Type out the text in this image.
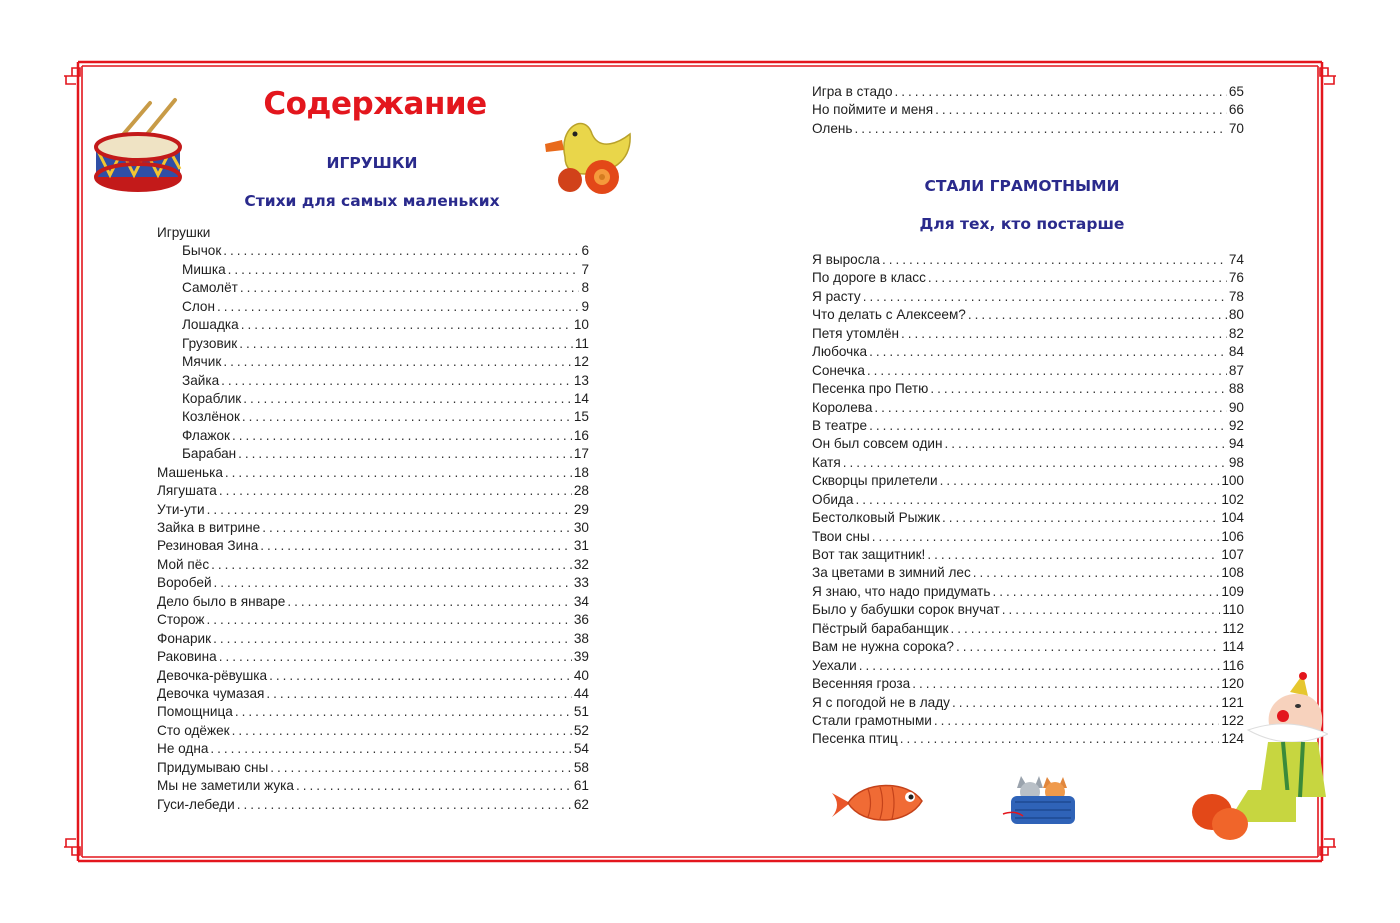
Содержание
ИГРУШКИ
Стихи для самых маленьких
Игрушки
Бычок . . .	6
Мишка . . .	7
Самолёт . . .	8
Слон . . .	9
Лошадка . . .	10
Грузовик . . .	11
Мячик . . .	12
Зайка . . .	13
Кораблик . . .	14
Козлёнок . . .	15
Флажок . . .	16
Барабан . . .	17
Машенька . . .	18
Лягушата . . .	28
Ути-ути . . .	29
Зайка в витрине . . .	30
Резиновая Зина . . .	31
Мой пёс . . .	32
Воробей . . .	33
Дело было в январе . . .	34
Сторож . . .	36
Фонарик . . .	38
Раковина . . .	39
Девочка-рёвушка . . .	40
Девочка чумазая . . .	44
Помощница . . .	51
Сто одёжек . . .	52
Не одна . . .	54
Придумываю сны . . .	58
Мы не заметили жука . . .	61
Гуси-лебеди . . .	62
Игра в стадо . . .	65
Но поймите и меня . . .	66
Олень . . .	70
СТАЛИ ГРАМОТНЫМИ
Для тех, кто постарше
Я выросла . . .	74
По дороге в класс . . .	76
Я расту . . .	78
Что делать с Алексеем? . . .	80
Петя утомлён . . .	82
Любочка . . .	84
Сонечка . . .	87
Песенка про Петю . . .	88
Королева . . .	90
В театре . . .	92
Он был совсем один . . .	94
Катя . . .	98
Скворцы прилетели . . .	100
Обида . . .	102
Бестолковый Рыжик . . .	104
Твои сны . . .	106
Вот так защитник! . . .	107
За цветами в зимний лес . . .	108
Я знаю, что надо придумать . . .	109
Было у бабушки сорок внучат . . .	110
Пёстрый барабанщик . . .	112
Вам не нужна сорока? . . .	114
Уехали . . .	116
Весенняя гроза . . .	120
Я с погодой не в ладу . . .	121
Стали грамотными . . .	122
Песенка птиц . . .	124
